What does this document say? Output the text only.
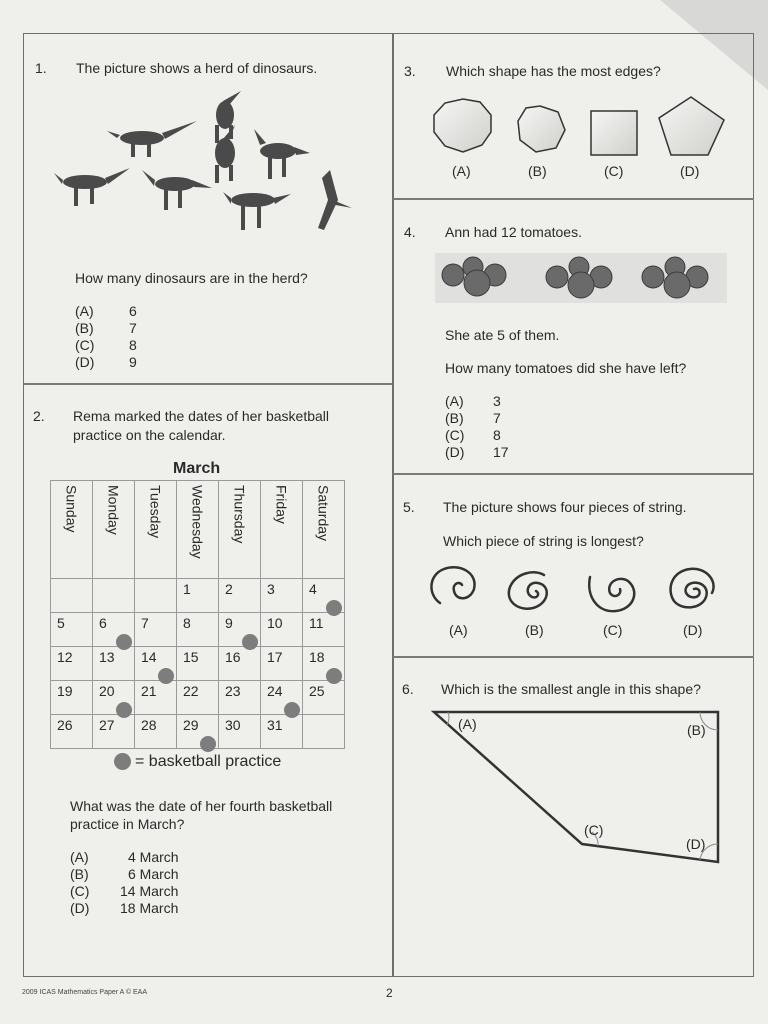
1. The picture shows a herd of dinosaurs.
How many dinosaurs are in the herd?
(A)	6
(B)	7
(C)	8
(D)	9
2. Rema marked the dates of her basketball
practice on the calendar.
March
Sunday	Monday	Tuesday	Wednesday	Thursday	Friday	Saturday

			1	2	3	4

5	6	7	8	9	10	11
12	13	14	15	16	17	18

19	20	21	22	23	24	25
26	27	28	29	30	31	
= basketball practice
What was the date of her fourth basketball
practice in March?
(A)	4 March
(B)	6 March
(C)	14 March
(D)	18 March
3. Which shape has the most edges?
(A)	(B)	(C)	(D)
4. Ann had 12 tomatoes.
She ate 5 of them.
How many tomatoes did she have left?
(A)	3
(B)	7
(C)	8
(D)	17
5. The picture shows four pieces of string.
Which piece of string is longest?
(A)	(B)	(C)	(D)
6. Which is the smallest angle in this shape?
(A)	(B)
(C)
(D)
2009 ICAS Mathematics Paper A © EAA	2
